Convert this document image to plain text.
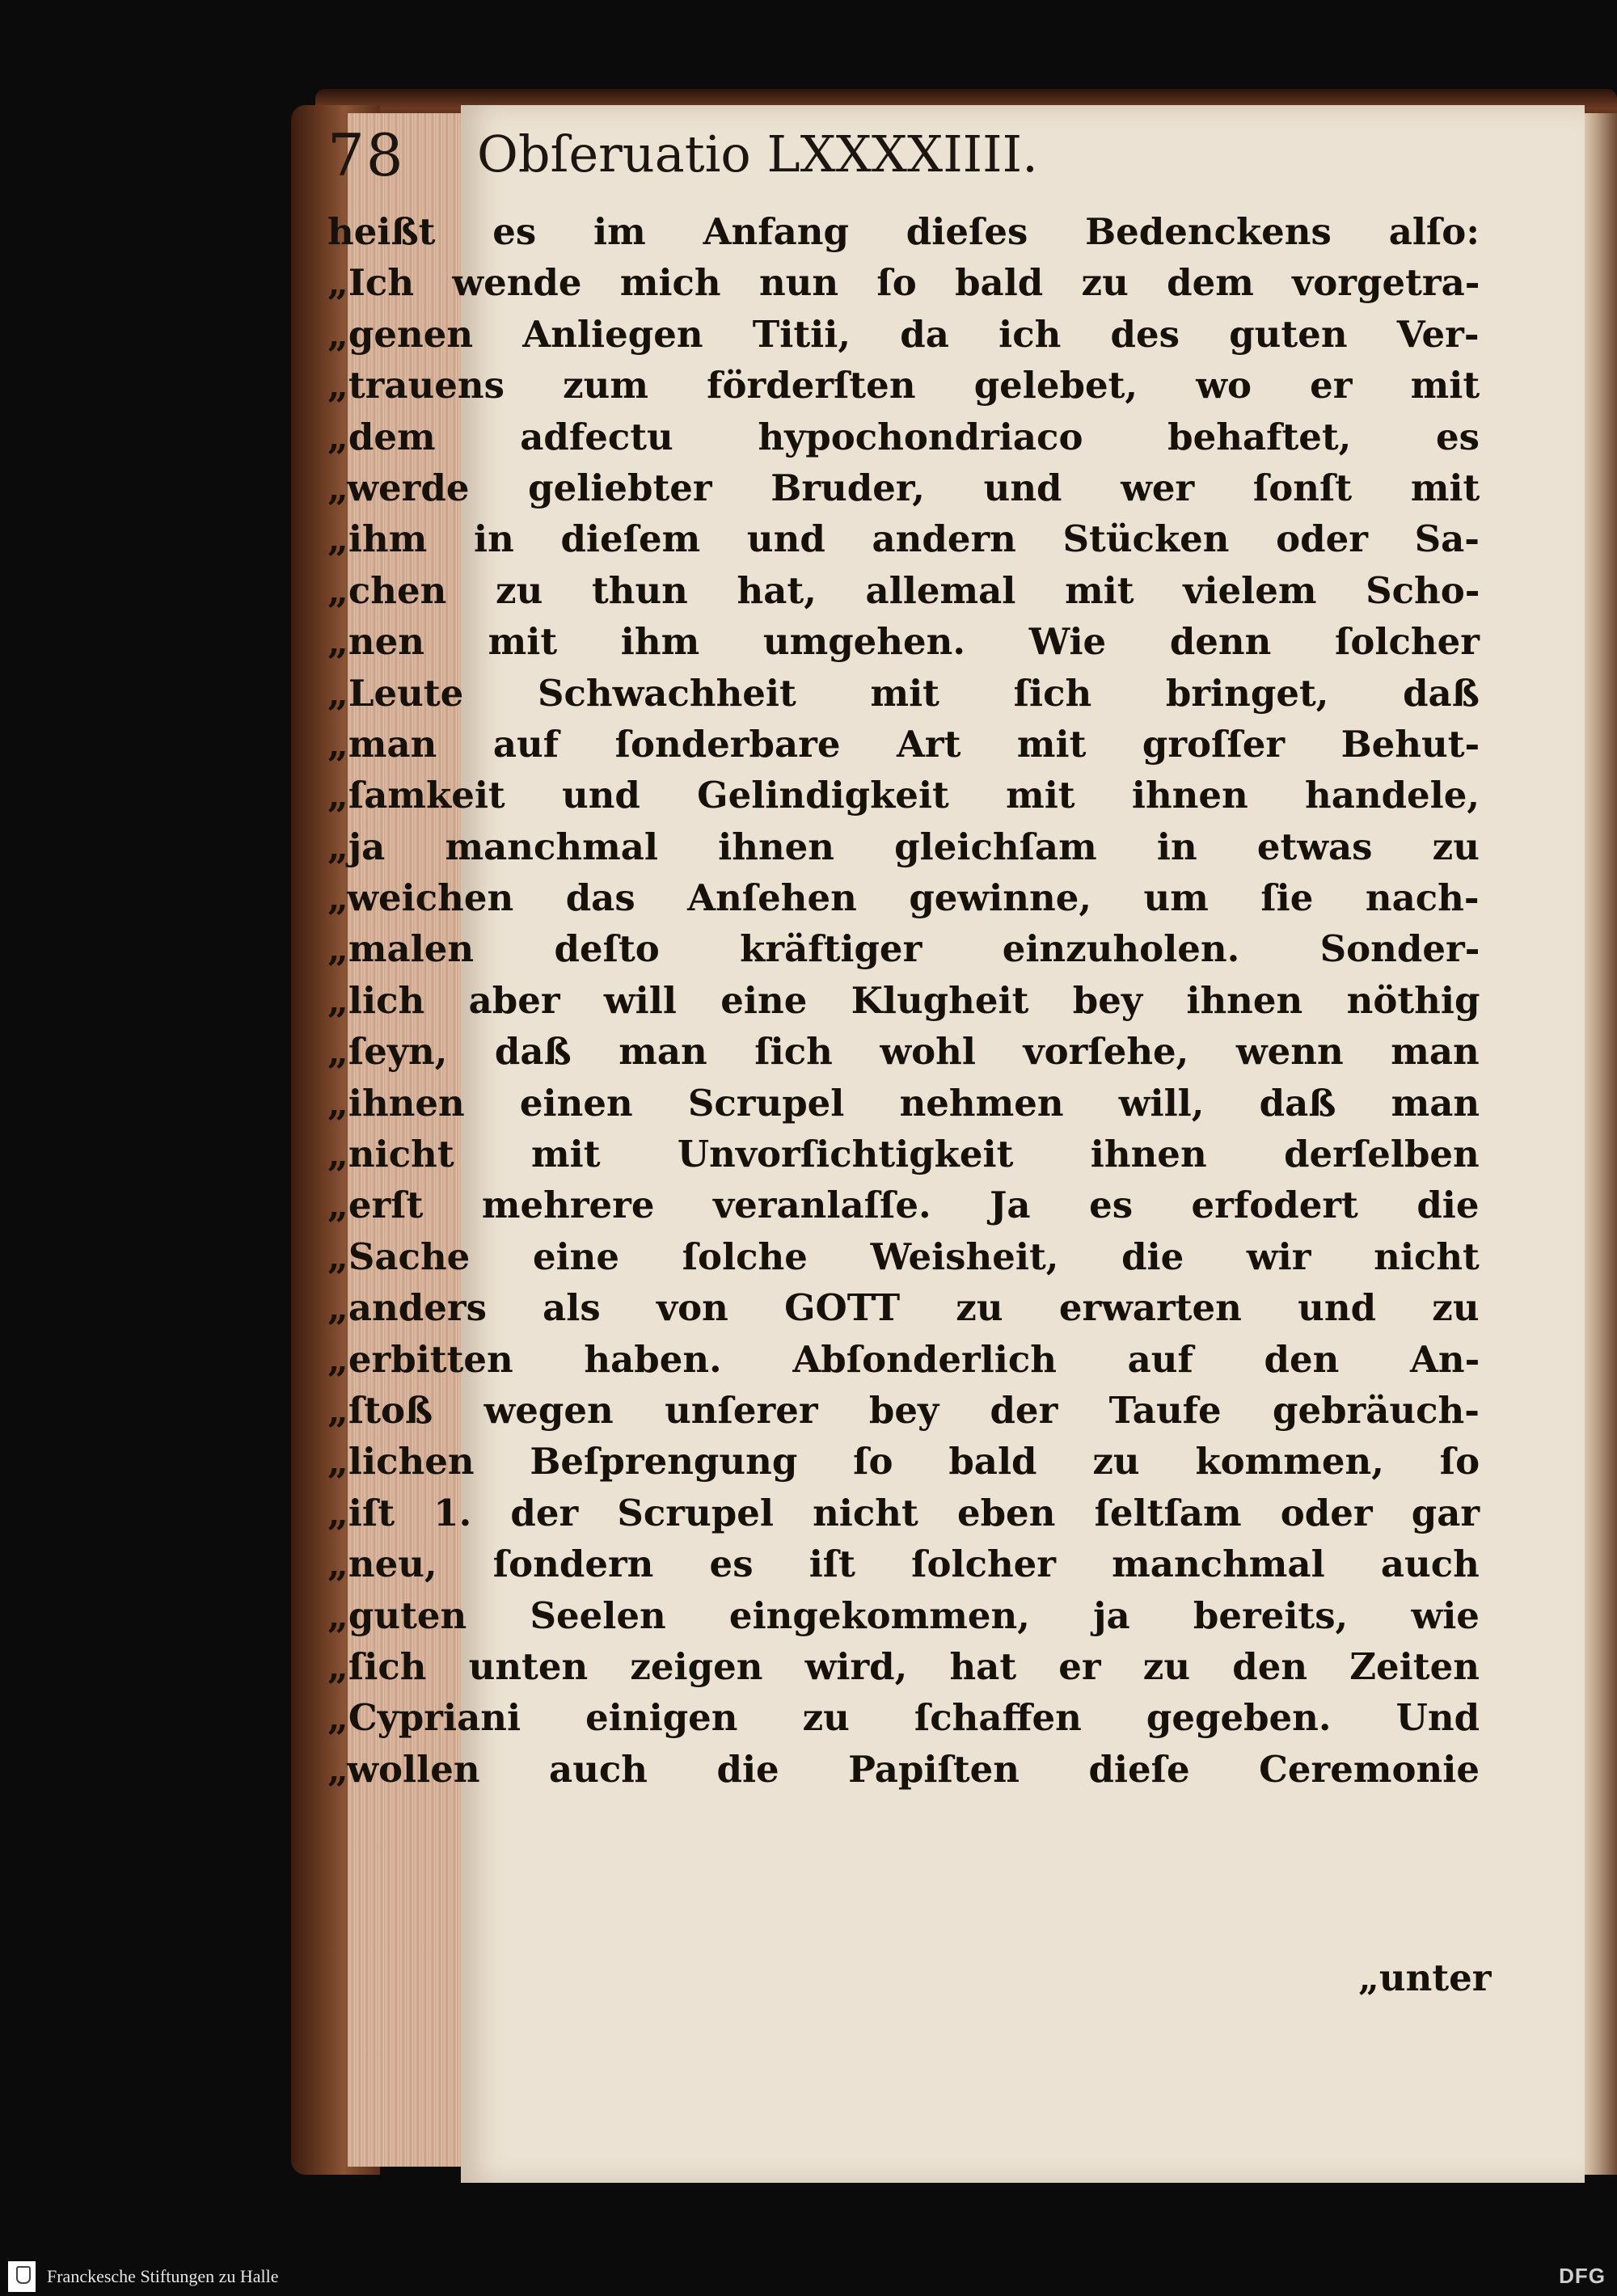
78 Obſeruatio LXXXXIIII.
heißt es im Anfang dieſes Bedenckens alſo:
„Ich wende mich nun ſo bald zu dem vorgetra-
„genen Anliegen Titii, da ich des guten Ver-
„trauens zum förderſten gelebet, wo er mit
„dem adfectu hypochondriaco behaftet, es
„werde geliebter Bruder, und wer ſonſt mit
„ihm in dieſem und andern Stücken oder Sa-
„chen zu thun hat, allemal mit vielem Scho-
„nen mit ihm umgehen. Wie denn ſolcher
„Leute Schwachheit mit ſich bringet, daß
„man auf ſonderbare Art mit groſſer Behut-
„ſamkeit und Gelindigkeit mit ihnen handele,
„ja manchmal ihnen gleichſam in etwas zu
„weichen das Anſehen gewinne, um ſie nach-
„malen deſto kräftiger einzuholen. Sonder-
„lich aber will eine Klugheit bey ihnen nöthig
„ſeyn, daß man ſich wohl vorſehe, wenn man
„ihnen einen Scrupel nehmen will, daß man
„nicht mit Unvorſichtigkeit ihnen derſelben
„erſt mehrere veranlaſſe. Ja es erfodert die
„Sache eine ſolche Weisheit, die wir nicht
„anders als von GOTT zu erwarten und zu
„erbitten haben. Abſonderlich auf den An-
„ſtoß wegen unſerer bey der Taufe gebräuch-
„lichen Beſprengung ſo bald zu kommen, ſo
„iſt 1. der Scrupel nicht eben ſeltſam oder gar
„neu, ſondern es iſt ſolcher manchmal auch
„guten Seelen eingekommen, ja bereits, wie
„ſich unten zeigen wird, hat er zu den Zeiten
„Cypriani einigen zu ſchaffen gegeben. Und
„wollen auch die Papiſten dieſe Ceremonie
„unter
Franckesche Stiftungen zu Halle	DFG
